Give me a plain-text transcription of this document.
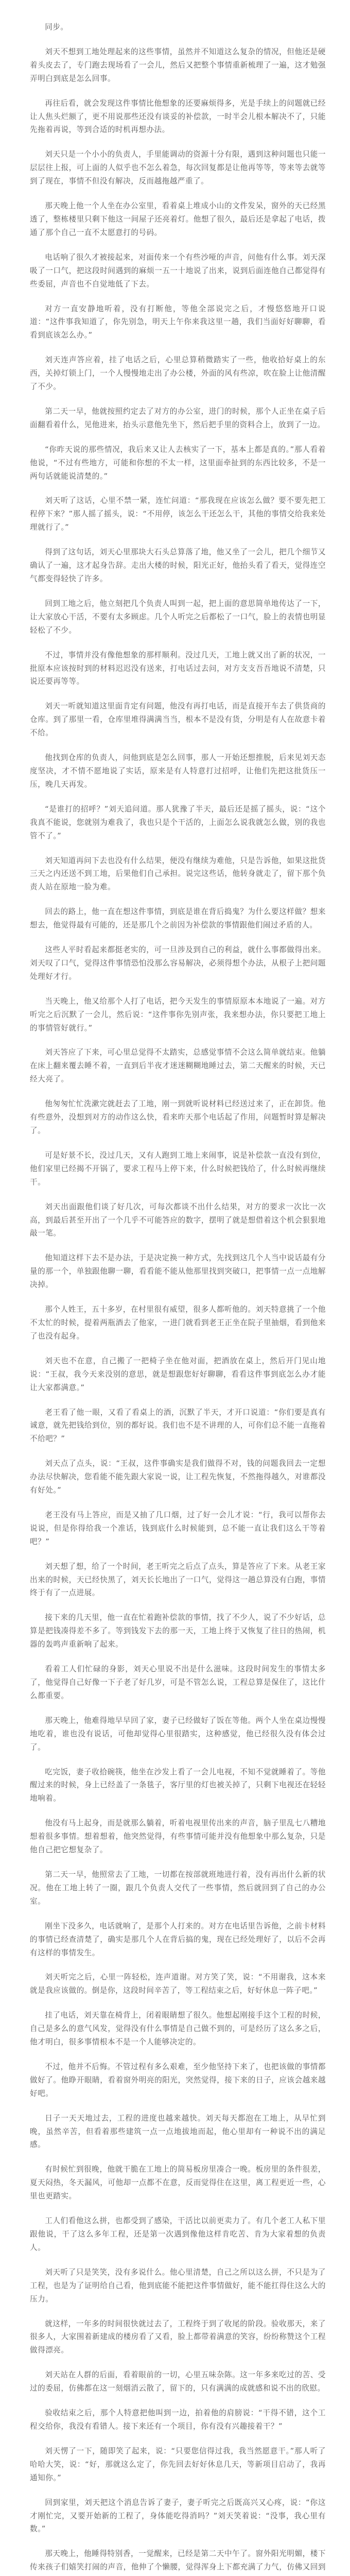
同步。

刘天不想到工地处理起来的这些事情，虽然并不知道这么复杂的情况，但他还是硬着头皮去了，专门跑去现场看了一会儿，然后又把整个事情重新梳理了一遍，这才勉强弄明白到底是怎么回事。

再往后看，就会发现这件事情比他想象的还要麻烦得多，光是手续上的问题就已经让人焦头烂额了，更不用说那些还没有谈妥的补偿款，一时半会儿根本解决不了，只能先拖着再说，等到合适的时机再想办法。

刘天只是一个小小的负责人，手里能调动的资源十分有限，遇到这种问题也只能一层层往上报，可上面的人似乎也不怎么着急，每次回复都是让他再等等，等来等去就等到了现在，事情不但没有解决，反而越拖越严重了。

那天晚上他一个人坐在办公室里，看着桌上堆成小山的文件发呆，窗外的天已经黑透了，整栋楼里只剩下他这一间屋子还亮着灯。他想了很久，最后还是拿起了电话，拨通了那个自己一直不太愿意打的号码。

电话响了很久才被接起来，对面传来一个有些沙哑的声音，问他有什么事。刘天深吸了一口气，把这段时间遇到的麻烦一五一十地说了出来，说到后面连他自己都觉得有些委屈，声音也不自觉地低了下去。

对方一直安静地听着，没有打断他，等他全部说完之后，才慢悠悠地开口说道：“这件事我知道了，你先别急，明天上午你来我这里一趟，我们当面好好聊聊，看看到底该怎么办。”

刘天连声答应着，挂了电话之后，心里总算稍微踏实了一些，他收拾好桌上的东西，关掉灯锁上门，一个人慢慢地走出了办公楼，外面的风有些凉，吹在脸上让他清醒了不少。

第二天一早，他就按照约定去了对方的办公室，进门的时候，那个人正坐在桌子后面翻看着什么，见他进来，抬头示意他先坐下，然后把手里的资料合上，放到了一边。

“你昨天说的那些情况，我后来又让人去核实了一下，基本上都是真的。”那人看着他说，“不过有些地方，可能和你想的不太一样，这里面牵扯到的东西比较多，不是一两句话就能说清楚的。”

刘天听了这话，心里不禁一紧，连忙问道：“那我现在应该怎么做？要不要先把工程停下来？”那人摇了摇头，说：“不用停，该怎么干还怎么干，其他的事情交给我来处理就行了。”

得到了这句话，刘天心里那块大石头总算落了地，他又坐了一会儿，把几个细节又确认了一遍，这才起身告辞。走出大楼的时候，阳光正好，他抬头看了看天，觉得连空气都变得轻快了许多。

回到工地之后，他立刻把几个负责人叫到一起，把上面的意思简单地传达了一下，让大家放心干活，不要有太多顾虑。几个人听完之后都松了一口气，脸上的表情也明显轻松了不少。

不过，事情并没有像他想象的那样顺利。没过几天，工地上就又出了新的状况，一批原本应该按时到的材料迟迟没有送来，打电话过去问，对方支支吾吾地说不清楚，只说还要再等等。

刘天一听就知道这里面肯定有问题，他没有再打电话，而是直接开车去了供货商的仓库。到了那里一看，仓库里堆得满满当当，根本不是没有货，分明是有人在故意卡着不给。

他找到仓库的负责人，问他到底是怎么回事，那人一开始还想推脱，后来见刘天态度坚决，才不情不愿地说了实话，原来是有人特意打过招呼，让他们先把这批货压一压，晚几天再发。

“是谁打的招呼？”刘天追问道。那人犹豫了半天，最后还是摇了摇头，说：“这个我真不能说，您就别为难我了，我也只是个干活的，上面怎么说我就怎么做，别的我也管不了。”

刘天知道再问下去也没有什么结果，便没有继续为难他，只是告诉他，如果这批货三天之内还送不到工地，后果他们自己承担。说完这些话，他转身就走了，留下那个负责人站在原地一脸为难。

回去的路上，他一直在想这件事情，到底是谁在背后捣鬼？为什么要这样做？想来想去，他觉得最有可能的，还是那几个之前因为补偿款的事情跟他们闹过矛盾的人。

这些人平时看起来都挺老实的，可一旦涉及到自己的利益，就什么事都做得出来。刘天叹了口气，觉得这件事情恐怕没那么容易解决，必须得想个办法，从根子上把问题处理好才行。

当天晚上，他又给那个人打了电话，把今天发生的事情原原本本地说了一遍。对方听完之后沉默了一会儿，然后说：“这件事你先别声张，我来想办法，你只要把工地上的事情管好就行。”

刘天答应了下来，可心里总觉得不太踏实，总感觉事情不会这么简单就结束。他躺在床上翻来覆去睡不着，一直到后半夜才迷迷糊糊地睡过去，第二天醒来的时候，天已经大亮了。

他匆匆忙忙洗漱完就赶去了工地，刚一到就听说材料已经送过来了，正在卸货。他有些意外，没想到对方的动作这么快，看来昨天那个电话起了作用，问题暂时算是解决了。

可是好景不长，没过几天，又有人跑到工地上来闹事，说是补偿款一直没有到位，他们家里已经揭不开锅了，要求工程马上停下来，什么时候把钱给了，什么时候再继续干。

刘天出面跟他们谈了好几次，可每次都谈不出什么结果，对方的要求一次比一次高，到最后甚至开出了一个几乎不可能答应的数字，摆明了就是想借着这个机会狠狠地敲一笔。

他知道这样下去不是办法，于是决定换一种方式，先找到这几个人当中说话最有分量的那一个，单独跟他聊一聊，看看能不能从他那里找到突破口，把事情一点一点地解决掉。

那个人姓王，五十多岁，在村里很有威望，很多人都听他的。刘天特意挑了一个他不太忙的时候，提着两瓶酒去了他家，一进门就看到老王正坐在院子里抽烟，看到他来了也没有起身。

刘天也不在意，自己搬了一把椅子坐在他对面，把酒放在桌上，然后开门见山地说：“王叔，我今天来没别的意思，就是想跟您好好聊聊，看看这件事到底怎么办才能让大家都满意。”

老王看了他一眼，又看了看桌上的酒，沉默了半天，才开口说道：“你们要是真有诚意，就先把钱给到位，别的都好说。我们也不是不讲理的人，可你们总不能一直拖着不给吧？”

刘天点了点头，说：“王叔，这件事确实是我们做得不对，钱的问题我回去一定想办法尽快解决，您看能不能先跟大家说一说，让工程先恢复，不然拖得越久，对谁都没有好处。”

老王没有马上答应，而是又抽了几口烟，过了好一会儿才说：“行，我可以帮你去说说，但是你得给我一个准话，钱到底什么时候能到，总不能一直让我们这么干等着吧？”

刘天想了想，给了一个时间，老王听完之后点了点头，算是答应了下来。从老王家出来的时候，天已经快黑了，刘天长长地出了一口气，觉得这一趟总算没有白跑，事情终于有了一点进展。

接下来的几天里，他一直在忙着跑补偿款的事情，找了不少人，说了不少好话，总算是把钱凑得差不多了。等到钱发下去的那一天，工地上终于又恢复了往日的热闹，机器的轰鸣声重新响了起来。

看着工人们忙碌的身影，刘天心里说不出是什么滋味。这段时间发生的事情太多了，他觉得自己好像一下子老了好几岁，可是不管怎么说，工程总算是保住了，这比什么都重要。

那天晚上，他难得地早早回了家，妻子已经做好了饭在等他。两个人坐在桌边慢慢地吃着，谁也没有说话，可他却觉得心里很踏实，这种感觉，他已经很久没有体会过了。

吃完饭，妻子收拾碗筷，他坐在沙发上看了一会儿电视，不知不觉就睡着了。等他醒过来的时候，身上已经盖了一条毯子，客厅里的灯也被关掉了，只剩下电视还在轻轻地响着。

他没有马上起身，而是就那么躺着，听着电视里传出来的声音，脑子里乱七八糟地想着很多事情。想着想着，他突然觉得，有些事情可能并没有他想象中那么复杂，只是他自己把它想复杂了。

第二天一早，他照常去了工地，一切都在按部就班地进行着，没有再出什么新的状况。他在工地上转了一圈，跟几个负责人交代了一些事情，然后就回到了自己的办公室。

刚坐下没多久，电话就响了，是那个人打来的。对方在电话里告诉他，之前卡材料的事情已经查清楚了，确实是那几个人在背后搞的鬼，现在已经处理好了，以后不会再有这样的事情发生。

刘天听完之后，心里一阵轻松，连声道谢。对方笑了笑，说：“不用谢我，这本来就是我应该做的。倒是你，这段时间辛苦了，等工程结束之后，好好休息一阵子吧。”

挂了电话，刘天靠在椅背上，闭着眼睛想了很久。他想起刚接手这个工程的时候，自己是多么的意气风发，觉得没有什么事情是自己做不到的，可是经历了这么多之后，他才明白，很多事情根本不是一个人能够决定的。

不过，他并不后悔。不管过程有多么艰难，至少他坚持下来了，也把该做的事情都做好了。他睁开眼睛，看着窗外明亮的阳光，突然觉得，接下来的日子，应该会越来越好吧。

日子一天天地过去，工程的进度也越来越快。刘天每天都泡在工地上，从早忙到晚，虽然辛苦，但看着那些建筑一点一点地拔地而起，他心里却有一种说不出的满足感。

有时候忙到很晚，他就干脆在工地上的简易板房里凑合一晚。板房里的条件很差，夏天闷热，冬天漏风，可他却一点都不在意，反而觉得住在这里，离工程更近一些，心里也更踏实。

工人们看他这么拼，也都受到了感染，干活比以前更卖力了。有几个老工人私下里跟他说，干了这么多年工程，还是第一次遇到像他这样肯吃苦、肯为大家着想的负责人。

刘天听了只是笑笑，没有多说什么。他心里清楚，自己之所以这么拼，不只是为了工程，也是为了证明给自己看，他到底能不能把这件事情做好，能不能扛得住这么大的压力。

就这样，一年多的时间很快就过去了，工程终于到了收尾的阶段。验收那天，来了很多人，大家围着新建成的楼房看了又看，脸上都带着满意的笑容，纷纷称赞这个工程做得漂亮。

刘天站在人群的后面，看着眼前的一切，心里五味杂陈。这一年多来吃过的苦、受过的委屈，仿佛都在这一刻烟消云散了，留下的，只有满满的成就感和说不出的欣慰。

验收结束之后，那个人特意把他叫到一边，拍着他的肩膀说：“干得不错，这个工程交给你，我没有看错人。接下来还有一个项目，你有没有兴趣接着干？”

刘天愣了一下，随即笑了起来，说：“只要您信得过我，我当然愿意干。”那人听了哈哈大笑，说：“好，那就这么定了，你先回去好好休息几天，等新项目启动了，我再通知你。”

回到家里，刘天把这个消息告诉了妻子，妻子听完之后既高兴又心疼，说：“你这才刚忙完，又要开始新的工程了，身体能吃得消吗？”刘天笑着说：“没事，我心里有数。”

那天晚上，他睡得特别香，一觉醒来，已经是第二天中午了。窗外阳光明媚，楼下传来孩子们嬉笑打闹的声音，他伸了个懒腰，觉得浑身上下都充满了力气，仿佛又回到
